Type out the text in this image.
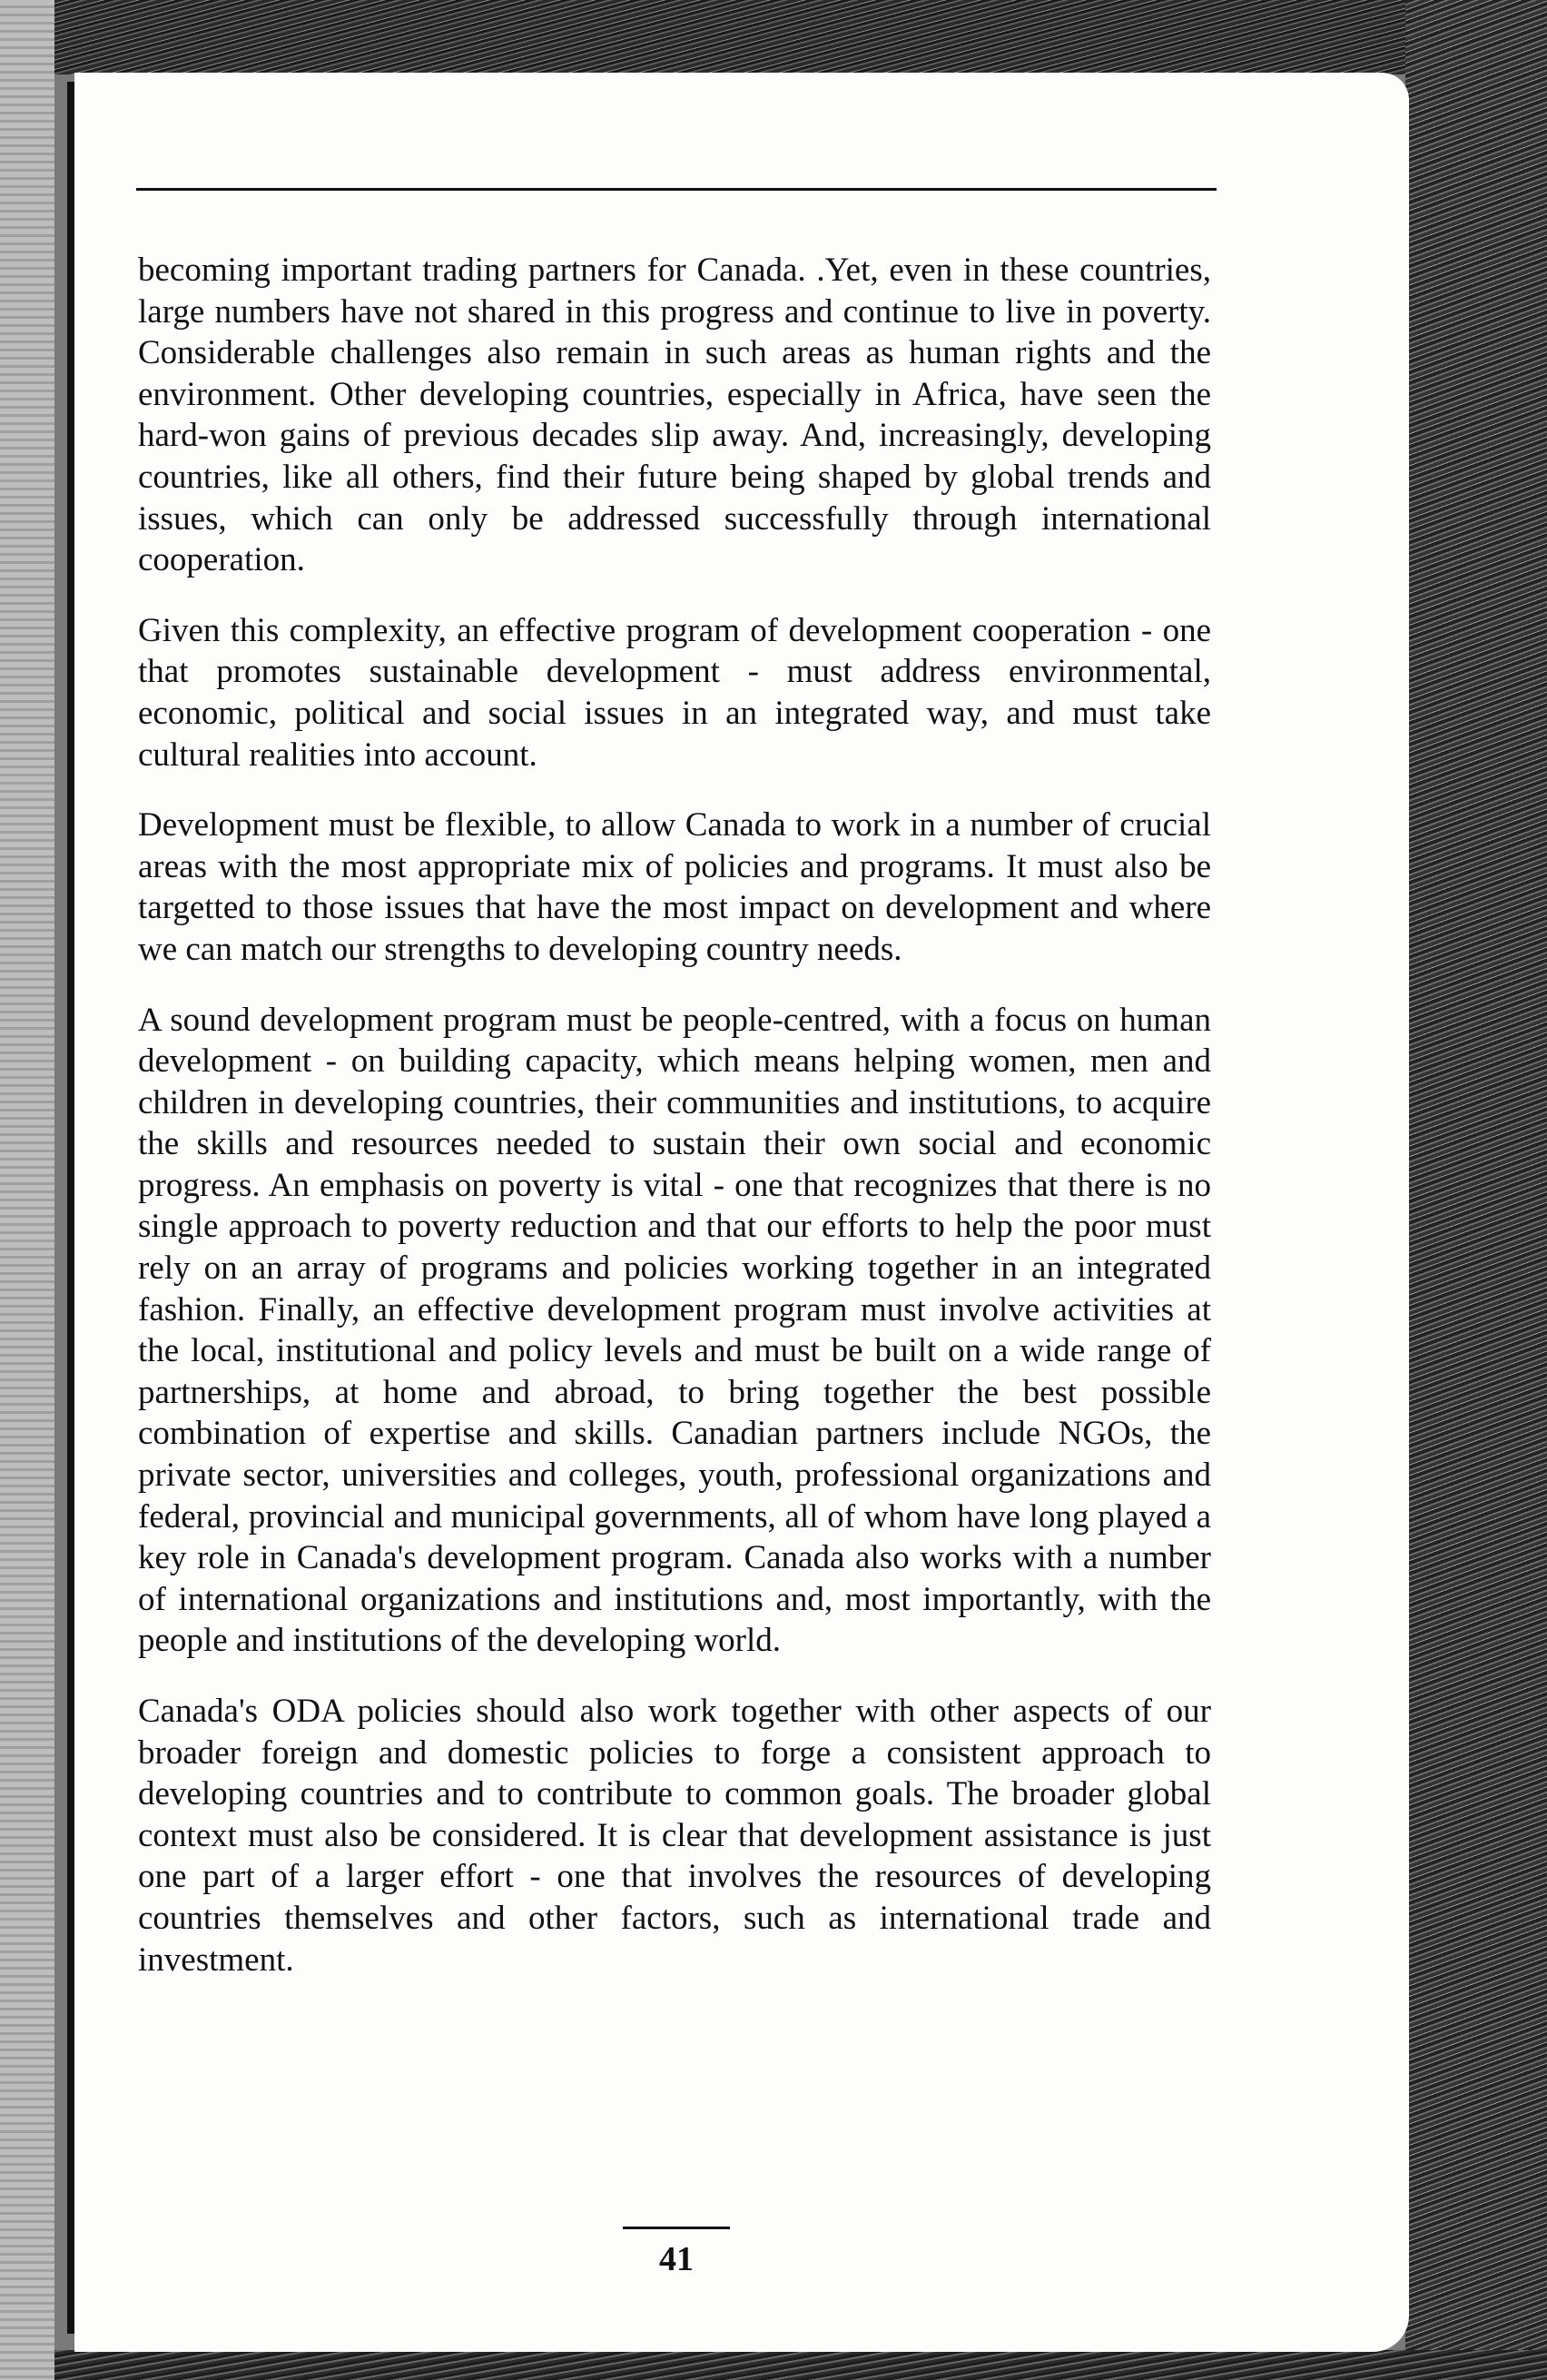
becoming important trading partners for Canada. .Yet, even in these countries, large numbers have not shared in this progress and continue to live in poverty. Considerable challenges also remain in such areas as human rights and the environment. Other developing countries, especially in Africa, have seen the hard-won gains of previous decades slip away. And, increasingly, developing countries, like all others, find their future being shaped by global trends and issues, which can only be addressed successfully through international cooperation.

Given this complexity, an effective program of development cooperation - one that promotes sustainable development - must address environmental, economic, political and social issues in an integrated way, and must take cultural realities into account.

Development must be flexible, to allow Canada to work in a number of crucial areas with the most appropriate mix of policies and programs. It must also be targetted to those issues that have the most impact on development and where we can match our strengths to developing country needs.

A sound development program must be people-centred, with a focus on human development - on building capacity, which means helping women, men and children in developing countries, their communities and institutions, to acquire the skills and resources needed to sustain their own social and economic progress. An emphasis on poverty is vital - one that recognizes that there is no single approach to poverty reduction and that our efforts to help the poor must rely on an array of programs and policies working together in an integrated fashion. Finally, an effective development program must involve activities at the local, institutional and policy levels and must be built on a wide range of partnerships, at home and abroad, to bring together the best possible combination of expertise and skills. Canadian partners include NGOs, the private sector, universities and colleges, youth, professional organizations and federal, provincial and municipal governments, all of whom have long played a key role in Canada's development program. Canada also works with a number of international organizations and institutions and, most importantly, with the people and institutions of the developing world.

Canada's ODA policies should also work together with other aspects of our broader foreign and domestic policies to forge a consistent approach to developing countries and to contribute to common goals. The broader global context must also be considered. It is clear that development assistance is just one part of a larger effort - one that involves the resources of developing countries themselves and other factors, such as international trade and investment.

41
